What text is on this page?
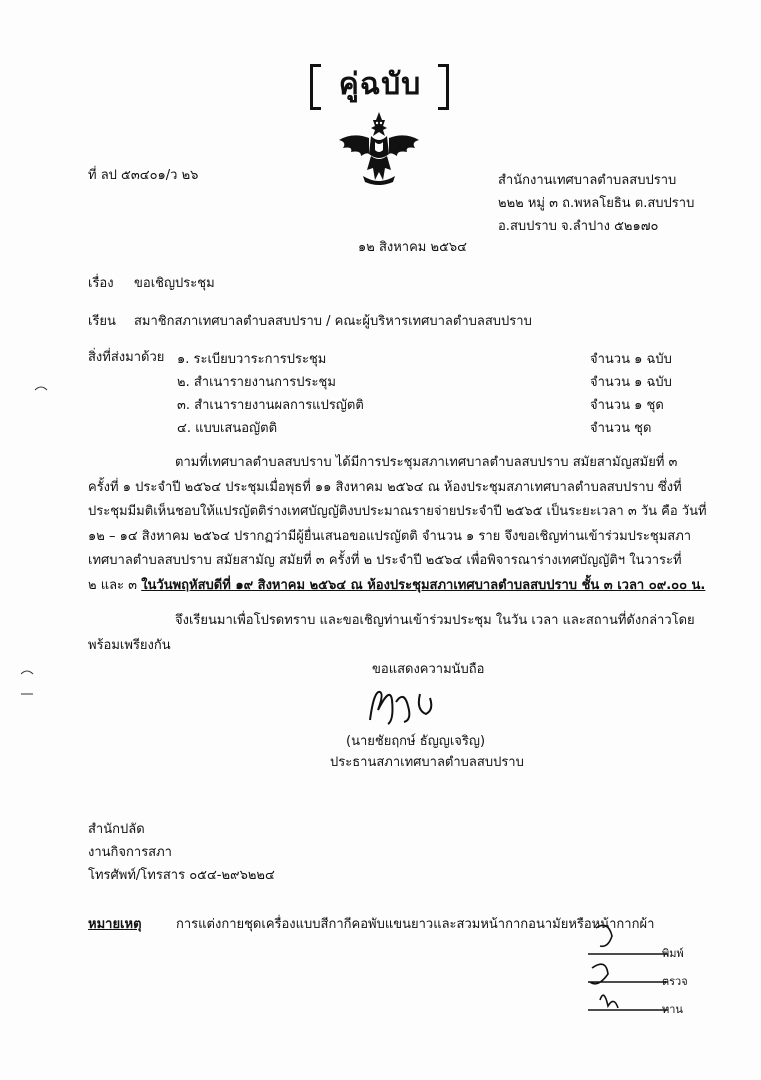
คู่ฉบับ
ที่ ลป ๕๓๔๐๑/ว ๒๖	สำนักงานเทศบาลตำบลสบปราบ
๒๒๒ หมู่ ๓ ถ.พหลโยธิน ต.สบปราบ
อ.สบปราบ จ.ลำปาง ๕๒๑๗๐
๑๒ สิงหาคม ๒๕๖๔
เรื่อง ขอเชิญประชุม
เรียน สมาชิกสภาเทศบาลตำบลสบปราบ / คณะผู้บริหารเทศบาลตำบลสบปราบ
สิ่งที่ส่งมาด้วย ๑. ระเบียบวาระการประชุม	จำนวน ๑ ฉบับ
๒. สำเนารายงานการประชุม	จำนวน ๑ ฉบับ
๓. สำเนารายงานผลการแปรญัตติ	จำนวน ๑ ชุด
๔. แบบเสนอญัตติ	จำนวน ชุด
ตามที่เทศบาลตำบลสบปราบ ได้มีการประชุมสภาเทศบาลตำบลสบปราบ สมัยสามัญสมัยที่ ๓
ครั้งที่ ๑ ประจำปี ๒๕๖๔ ประชุมเมื่อพุธที่ ๑๑ สิงหาคม ๒๕๖๔ ณ ห้องประชุมสภาเทศบาลตำบลสบปราบ ซึ่งที่
ประชุมมีมติเห็นชอบให้แปรญัตติร่างเทศบัญญัติงบประมาณรายจ่ายประจำปี ๒๕๖๕ เป็นระยะเวลา ๓ วัน คือ วันที่
๑๒ – ๑๔ สิงหาคม ๒๕๖๔ ปรากฏว่ามีผู้ยื่นเสนอขอแปรญัตติ จำนวน ๑ ราย จึงขอเชิญท่านเข้าร่วมประชุมสภา
เทศบาลตำบลสบปราบ สมัยสามัญ สมัยที่ ๓ ครั้งที่ ๒ ประจำปี ๒๕๖๔ เพื่อพิจารณาร่างเทศบัญญัติฯ ในวาระที่
๒ และ ๓ ในวันพฤหัสบดีที่ ๑๙ สิงหาคม ๒๕๖๔ ณ ห้องประชุมสภาเทศบาลตำบลสบปราบ ชั้น ๓ เวลา ๐๙.๐๐ น.
จึงเรียนมาเพื่อโปรดทราบ และขอเชิญท่านเข้าร่วมประชุม ในวัน เวลา และสถานที่ดังกล่าวโดย
พร้อมเพรียงกัน
ขอแสดงความนับถือ
(นายชัยฤกษ์ ธัญญเจริญ)
ประธานสภาเทศบาลตำบลสบปราบ
สำนักปลัด
งานกิจการสภา
โทรศัพท์/โทรสาร ๐๕๔-๒๙๖๒๒๔
หมายเหตุ	การแต่งกายชุดเครื่องแบบสีกากีคอพับแขนยาวและสวมหน้ากากอนามัยหรือหน้ากากผ้า
พิมพ์
ตรวจ
ทาน
